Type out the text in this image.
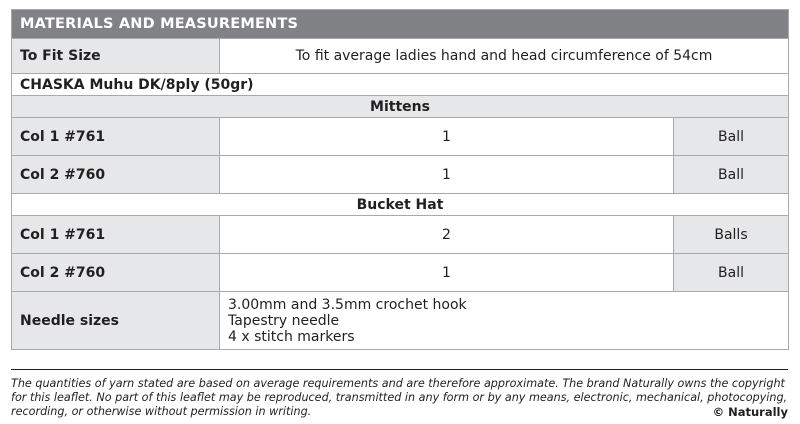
MATERIALS AND MEASUREMENTS		
To Fit Size	To fit average ladies hand and head circumference of 54cm	
CHASKA Muhu DK/8ply (50gr)		
Mittens		
Col 1 #761	1	Ball
Col 2 #760	1	Ball
Bucket Hat		
Col 1 #761	2	Balls
Col 2 #760	1	Ball
Needle sizes	3.00mm and 3.5mm crochet hook
Tapestry needle
4 x stitch markers	
The quantities of yarn stated are based on average requirements and are therefore approximate. The brand Naturally owns the copyright for this leaflet. No part of this leaflet may be reproduced, transmitted in any form or by any means, electronic, mechanical, photocopying, recording, or otherwise without permission in writing.	© Naturally
